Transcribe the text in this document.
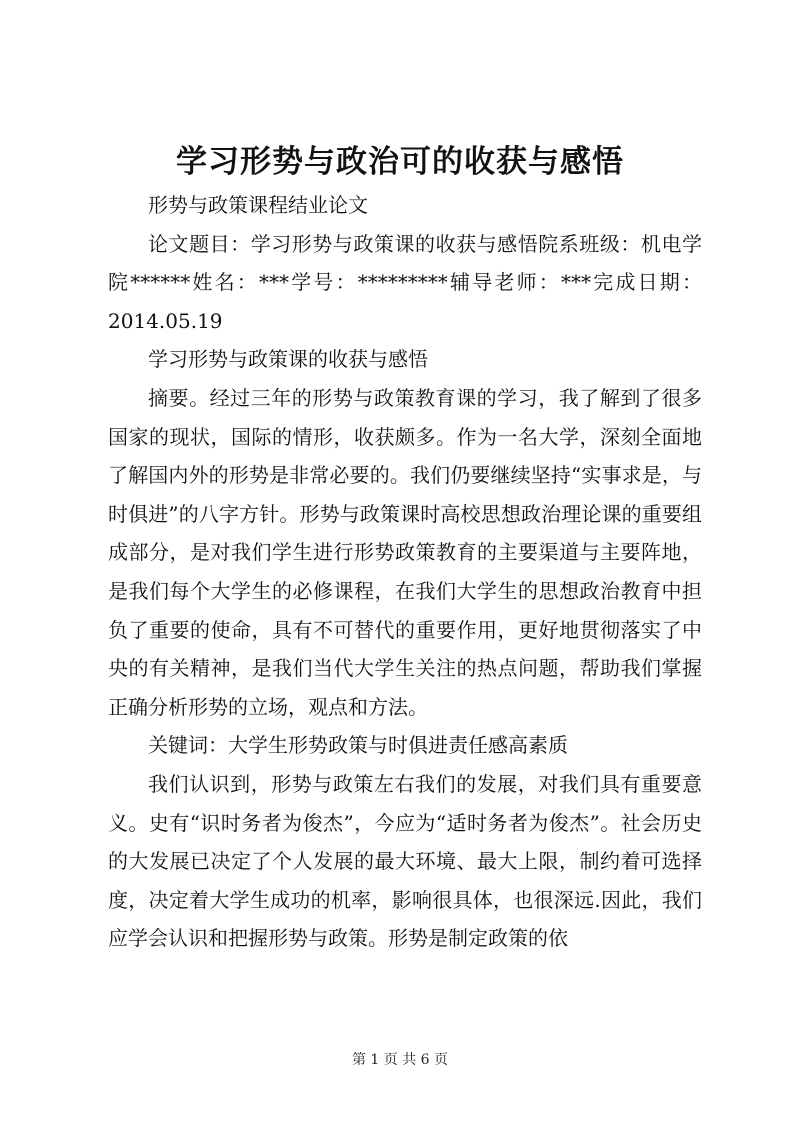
学习形势与政治可的收获与感悟

形势与政策课程结业论文

论文题目：学习形势与政策课的收获与感悟院系班级：机电学院******姓名：***学号：*********辅导老师：***完成日期：2014.05.19

学习形势与政策课的收获与感悟

摘要。经过三年的形势与政策教育课的学习，我了解到了很多国家的现状，国际的情形，收获颇多。作为一名大学，深刻全面地了解国内外的形势是非常必要的。我们仍要继续坚持“实事求是，与时俱进”的八字方针。形势与政策课时高校思想政治理论课的重要组成部分，是对我们学生进行形势政策教育的主要渠道与主要阵地，是我们每个大学生的必修课程，在我们大学生的思想政治教育中担负了重要的使命，具有不可替代的重要作用，更好地贯彻落实了中央的有关精神，是我们当代大学生关注的热点问题，帮助我们掌握正确分析形势的立场，观点和方法。

关键词：大学生形势政策与时俱进责任感高素质

我们认识到，形势与政策左右我们的发展，对我们具有重要意义。史有“识时务者为俊杰”，今应为“适时务者为俊杰”。社会历史的大发展已决定了个人发展的最大环境、最大上限，制约着可选择度，决定着大学生成功的机率，影响很具体，也很深远.因此，我们应学会认识和把握形势与政策。形势是制定政策的依

第 1 页 共 6 页
